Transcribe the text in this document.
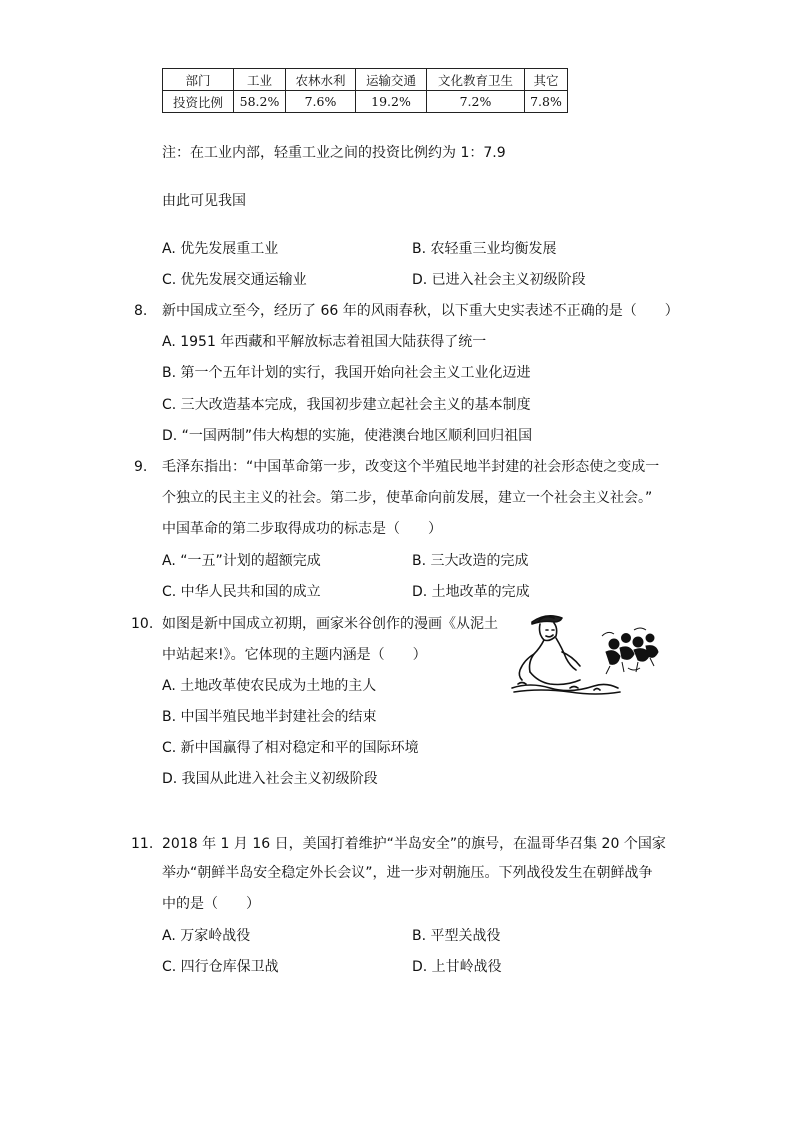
部门	工业	农林水利	运输交通	文化教育卫生	其它
投资比例	58.2%	7.6%	19.2%	7.2%	7.8%
注：在工业内部，轻重工业之间的投资比例约为 1：7.9
由此可见我国
A. 优先发展重工业	B. 农轻重三业均衡发展
C. 优先发展交通运输业	D. 已进入社会主义初级阶段
8. 新中国成立至今，经历了 66 年的风雨春秋，以下重大史实表述不正确的是（　　）
A. 1951 年西藏和平解放标志着祖国大陆获得了统一
B. 第一个五年计划的实行，我国开始向社会主义工业化迈进
C. 三大改造基本完成，我国初步建立起社会主义的基本制度
D. “一国两制”伟大构想的实施，使港澳台地区顺利回归祖国
9. 毛泽东指出：“中国革命第一步，改变这个半殖民地半封建的社会形态使之变成一
个独立的民主主义的社会。第二步，使革命向前发展，建立一个社会主义社会。”
中国革命的第二步取得成功的标志是（　　）
A. “一五”计划的超额完成	B. 三大改造的完成
C. 中华人民共和国的成立	D. 土地改革的完成
10. 如图是新中国成立初期，画家米谷创作的漫画《从泥土
中站起来!》。它体现的主题内涵是（　　）
A. 土地改革使农民成为土地的主人
B. 中国半殖民地半封建社会的结束
C. 新中国赢得了相对稳定和平的国际环境
D. 我国从此进入社会主义初级阶段
11. 2018 年 1 月 16 日，美国打着维护“半岛安全”的旗号，在温哥华召集 20 个国家
举办“朝鲜半岛安全稳定外长会议”，进一步对朝施压。下列战役发生在朝鲜战争
中的是（　　）
A. 万家岭战役	B. 平型关战役
C. 四行仓库保卫战	D. 上甘岭战役
